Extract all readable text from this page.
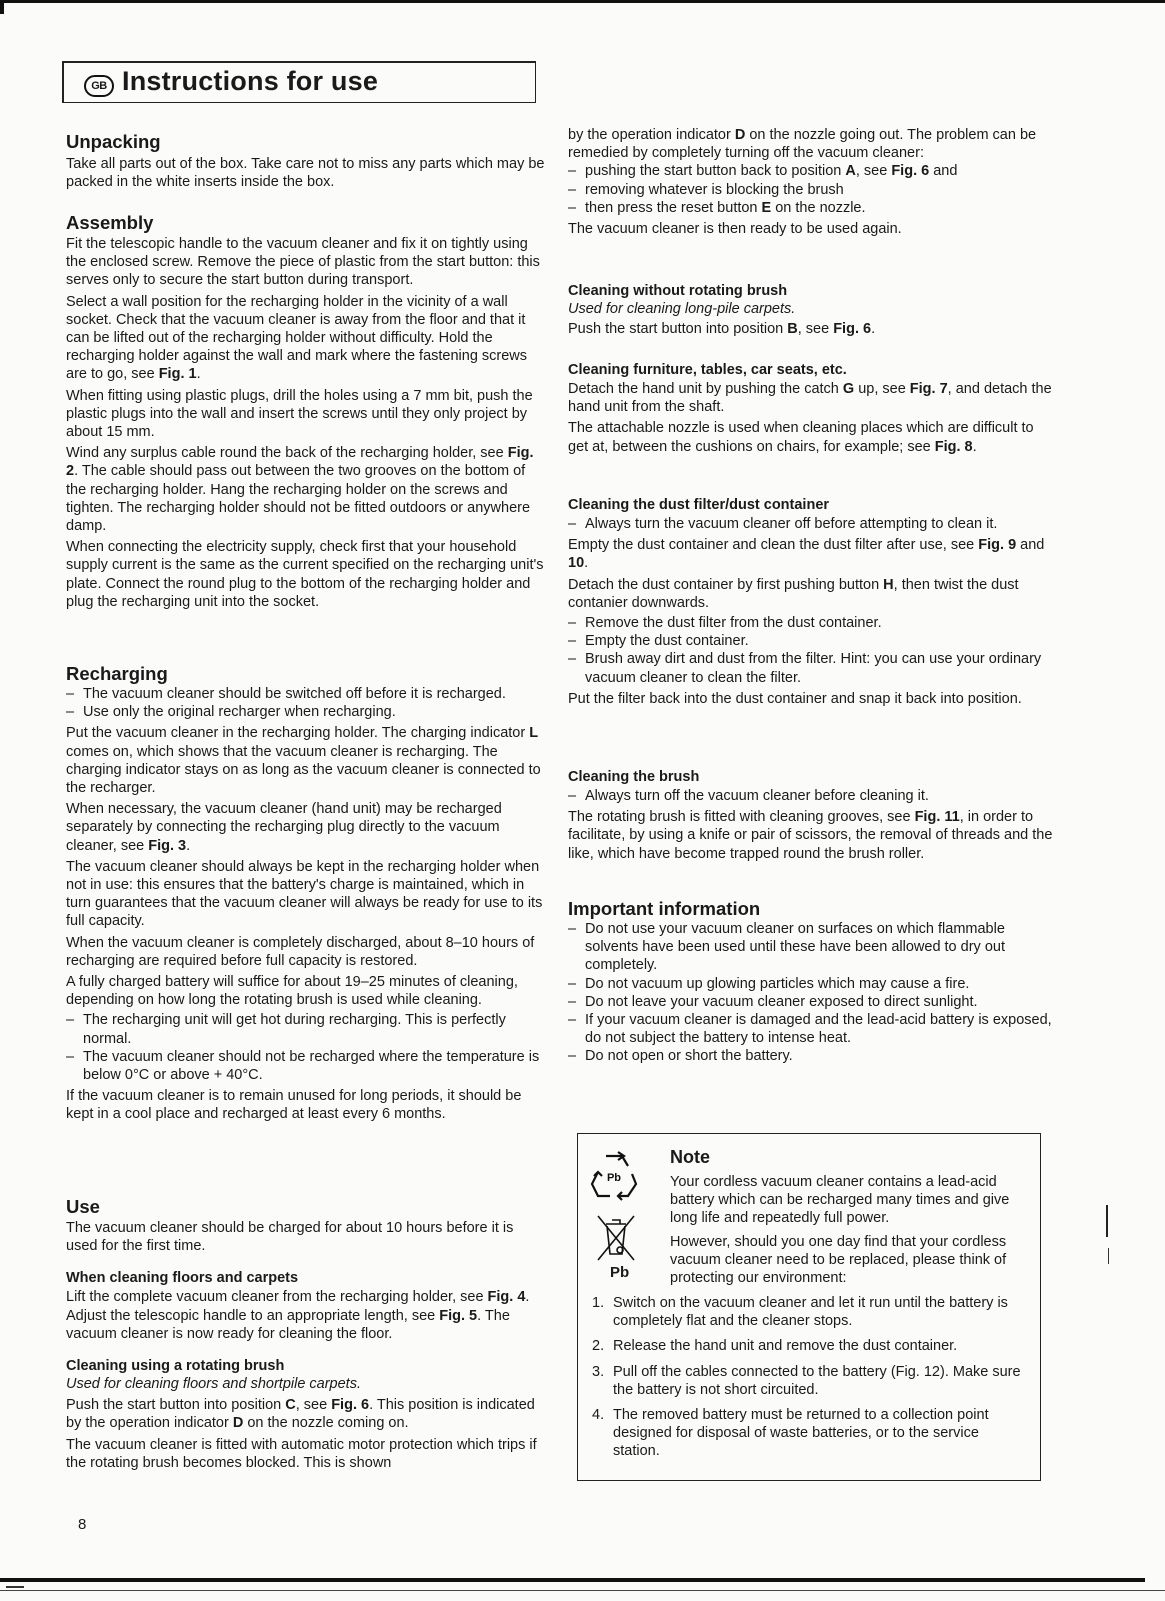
GB Instructions for use
Unpacking

Take all parts out of the box. Take care not to miss any parts which may be packed in the white inserts inside the box.

Assembly

Fit the telescopic handle to the vacuum cleaner and fix it on tightly using the enclosed screw. Remove the piece of plastic from the start button: this serves only to secure the start button during transport.

Select a wall position for the recharging holder in the vicinity of a wall socket. Check that the vacuum cleaner is away from the floor and that it can be lifted out of the recharging holder without difficulty. Hold the recharging holder against the wall and mark where the fastening screws are to go, see Fig. 1.

When fitting using plastic plugs, drill the holes using a 7 mm bit, push the plastic plugs into the wall and insert the screws until they only project by about 15 mm.

Wind any surplus cable round the back of the recharging holder, see Fig. 2. The cable should pass out between the two grooves on the bottom of the recharging holder. Hang the recharging holder on the screws and tighten. The recharging holder should not be fitted outdoors or anywhere damp.

When connecting the electricity supply, check first that your household supply current is the same as the current specified on the recharging unit's plate. Connect the round plug to the bottom of the recharging holder and plug the recharging unit into the socket.

Recharging
– The vacuum cleaner should be switched off before it is recharged.
– Use only the original recharger when recharging.

Put the vacuum cleaner in the recharging holder. The charging indicator L comes on, which shows that the vacuum cleaner is recharging. The charging indicator stays on as long as the vacuum cleaner is connected to the recharger.

When necessary, the vacuum cleaner (hand unit) may be recharged separately by connecting the recharging plug directly to the vacuum cleaner, see Fig. 3.

The vacuum cleaner should always be kept in the recharging holder when not in use: this ensures that the battery's charge is maintained, which in turn guarantees that the vacuum cleaner will always be ready for use to its full capacity.

When the vacuum cleaner is completely discharged, about 8–10 hours of recharging are required before full capacity is restored.

A fully charged battery will suffice for about 19–25 minutes of cleaning, depending on how long the rotating brush is used while cleaning.

– The recharging unit will get hot during recharging. This is perfectly normal.
– The vacuum cleaner should not be recharged where the temperature is below 0°C or above + 40°C.

If the vacuum cleaner is to remain unused for long periods, it should be kept in a cool place and recharged at least every 6 months.

Use

The vacuum cleaner should be charged for about 10 hours before it is used for the first time.

When cleaning floors and carpets

Lift the complete vacuum cleaner from the recharging holder, see Fig. 4. Adjust the telescopic handle to an appropriate length, see Fig. 5. The vacuum cleaner is now ready for cleaning the floor.

Cleaning using a rotating brush

Used for cleaning floors and shortpile carpets.

Push the start button into position C, see Fig. 6. This position is indicated by the operation indicator D on the nozzle coming on.

The vacuum cleaner is fitted with automatic motor protection which trips if the rotating brush becomes blocked. This is shown

by the operation indicator D on the nozzle going out. The problem can be remedied by completely turning off the vacuum cleaner:

– pushing the start button back to position A, see Fig. 6 and
– removing whatever is blocking the brush
– then press the reset button E on the nozzle.

The vacuum cleaner is then ready to be used again.

Cleaning without rotating brush

Used for cleaning long-pile carpets.

Push the start button into position B, see Fig. 6.

Cleaning furniture, tables, car seats, etc.

Detach the hand unit by pushing the catch G up, see Fig. 7, and detach the hand unit from the shaft.

The attachable nozzle is used when cleaning places which are difficult to get at, between the cushions on chairs, for example; see Fig. 8.

Cleaning the dust filter/dust container
– Always turn the vacuum cleaner off before attempting to clean it.

Empty the dust container and clean the dust filter after use, see Fig. 9 and 10.

Detach the dust container by first pushing button H, then twist the dust contanier downwards.

– Remove the dust filter from the dust container.
– Empty the dust container.
– Brush away dirt and dust from the filter. Hint: you can use your ordinary vacuum cleaner to clean the filter.

Put the filter back into the dust container and snap it back into position.

Cleaning the brush
– Always turn off the vacuum cleaner before cleaning it.

The rotating brush is fitted with cleaning grooves, see Fig. 11, in order to facilitate, by using a knife or pair of scissors, the removal of threads and the like, which have become trapped round the brush roller.

Important information
– Do not use your vacuum cleaner on surfaces on which flammable solvents have been used until these have been allowed to dry out completely.
– Do not vacuum up glowing particles which may cause a fire.
– Do not leave your vacuum cleaner exposed to direct sunlight.
– If your vacuum cleaner is damaged and the lead-acid battery is exposed, do not subject the battery to intense heat.
– Do not open or short the battery.
Pb
Pb
Note

Your cordless vacuum cleaner contains a lead-acid battery which can be recharged many times and give long life and repeatedly full power.

However, should you one day find that your cordless vacuum cleaner need to be replaced, please think of protecting our environment:

1. Switch on the vacuum cleaner and let it run until the battery is completely flat and the cleaner stops.
2. Release the hand unit and remove the dust container.
3. Pull off the cables connected to the battery (Fig. 12). Make sure the battery is not short circuited.
4. The removed battery must be returned to a collection point designed for disposal of waste batteries, or to the service station.
8
